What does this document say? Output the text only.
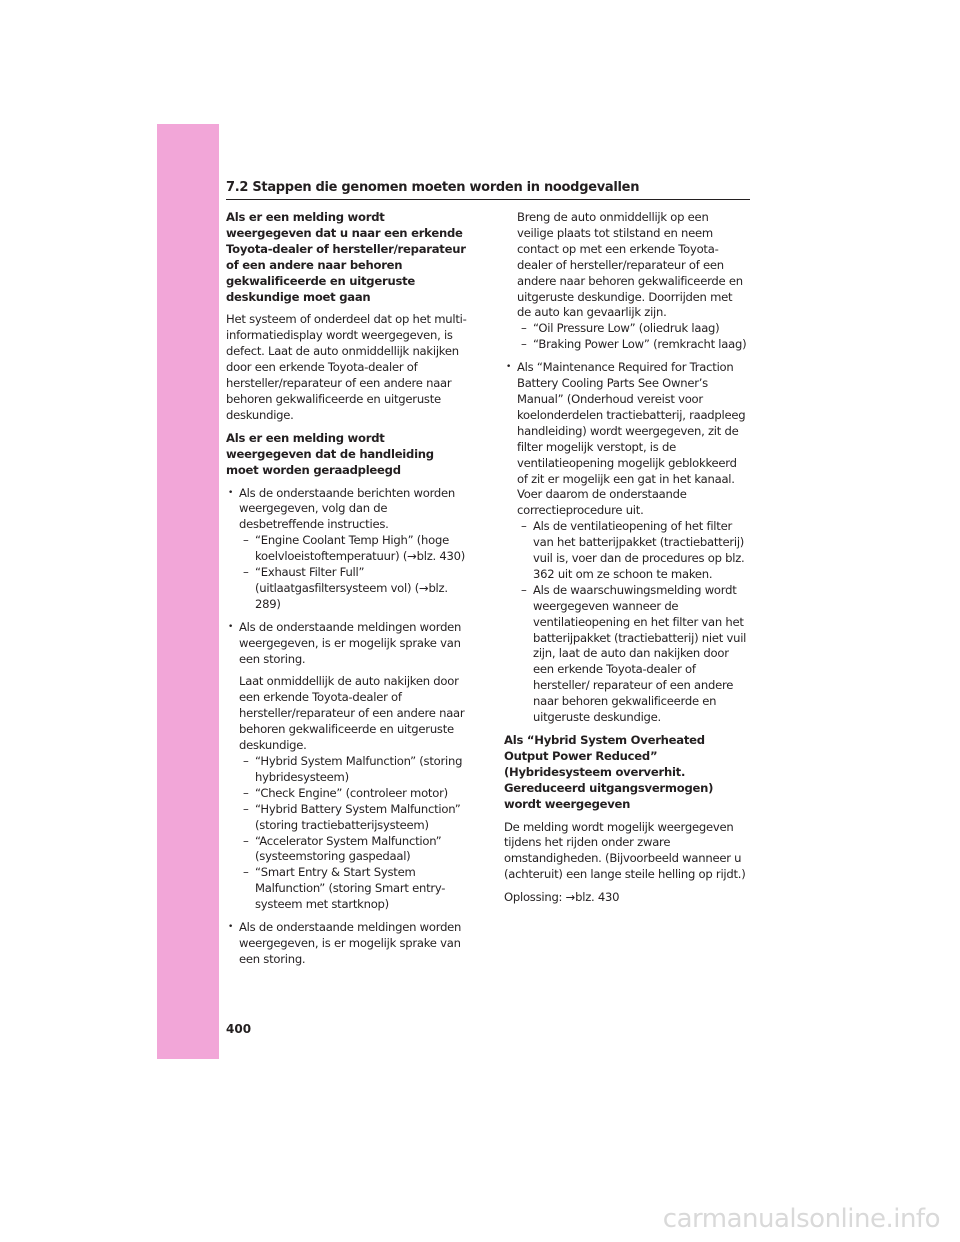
7.2 Stappen die genomen moeten worden in noodgevallen

Als er een melding wordt weergegeven dat u naar een erkende Toyota-dealer of hersteller/reparateur of een andere naar behoren gekwalificeerde en uitgeruste deskundige moet gaan

Het systeem of onderdeel dat op het multi-informatiedisplay wordt weergegeven, is defect. Laat de auto onmiddellijk nakijken door een erkende Toyota-dealer of hersteller/reparateur of een andere naar behoren gekwalificeerde en uitgeruste deskundige.

Als er een melding wordt weergegeven dat de handleiding moet worden geraadpleegd

• Als de onderstaande berichten worden weergegeven, volg dan de desbetreffende instructies.

– “Engine Coolant Temp High” (hoge koelvloeistoftemperatuur) (→blz. 430)

– “Exhaust Filter Full” (uitlaatgasfiltersysteem vol) (→blz. 289)

• Als de onderstaande meldingen worden weergegeven, is er mogelijk sprake van een storing.

Laat onmiddellijk de auto nakijken door een erkende Toyota-dealer of hersteller/reparateur of een andere naar behoren gekwalificeerde en uitgeruste deskundige.

– “Hybrid System Malfunction” (storing hybridesysteem)

– “Check Engine” (controleer motor)

– “Hybrid Battery System Malfunction” (storing tractiebatterijsysteem)

– “Accelerator System Malfunction” (systeemstoring gaspedaal)

– “Smart Entry & Start System Malfunction” (storing Smart entry-systeem met startknop)

• Als de onderstaande meldingen worden weergegeven, is er mogelijk sprake van een storing.

Breng de auto onmiddellijk op een veilige plaats tot stilstand en neem contact op met een erkende Toyota-dealer of hersteller/reparateur of een andere naar behoren gekwalificeerde en uitgeruste deskundige. Doorrijden met de auto kan gevaarlijk zijn.

– “Oil Pressure Low” (oliedruk laag)

– “Braking Power Low” (remkracht laag)

• Als “Maintenance Required for Traction Battery Cooling Parts See Owner’s Manual” (Onderhoud vereist voor koelonderdelen tractiebatterij, raadpleeg handleiding) wordt weergegeven, zit de filter mogelijk verstopt, is de ventilatieopening mogelijk geblokkeerd of zit er mogelijk een gat in het kanaal. Voer daarom de onderstaande correctieprocedure uit.

– Als de ventilatieopening of het filter van het batterijpakket (tractiebatterij) vuil is, voer dan de procedures op blz. 362 uit om ze schoon te maken.

– Als de waarschuwingsmelding wordt weergegeven wanneer de ventilatieopening en het filter van het batterijpakket (tractiebatterij) niet vuil zijn, laat de auto dan nakijken door een erkende Toyota-dealer of hersteller/ reparateur of een andere naar behoren gekwalificeerde en uitgeruste deskundige.

Als “Hybrid System Overheated Output Power Reduced” (Hybridesysteem oververhit. Gereduceerd uitgangsvermogen) wordt weergegeven

De melding wordt mogelijk weergegeven tijdens het rijden onder zware omstandigheden. (Bijvoorbeeld wanneer u (achteruit) een lange steile helling op rijdt.)

Oplossing: →blz. 430

400
carmanualsonline.info
